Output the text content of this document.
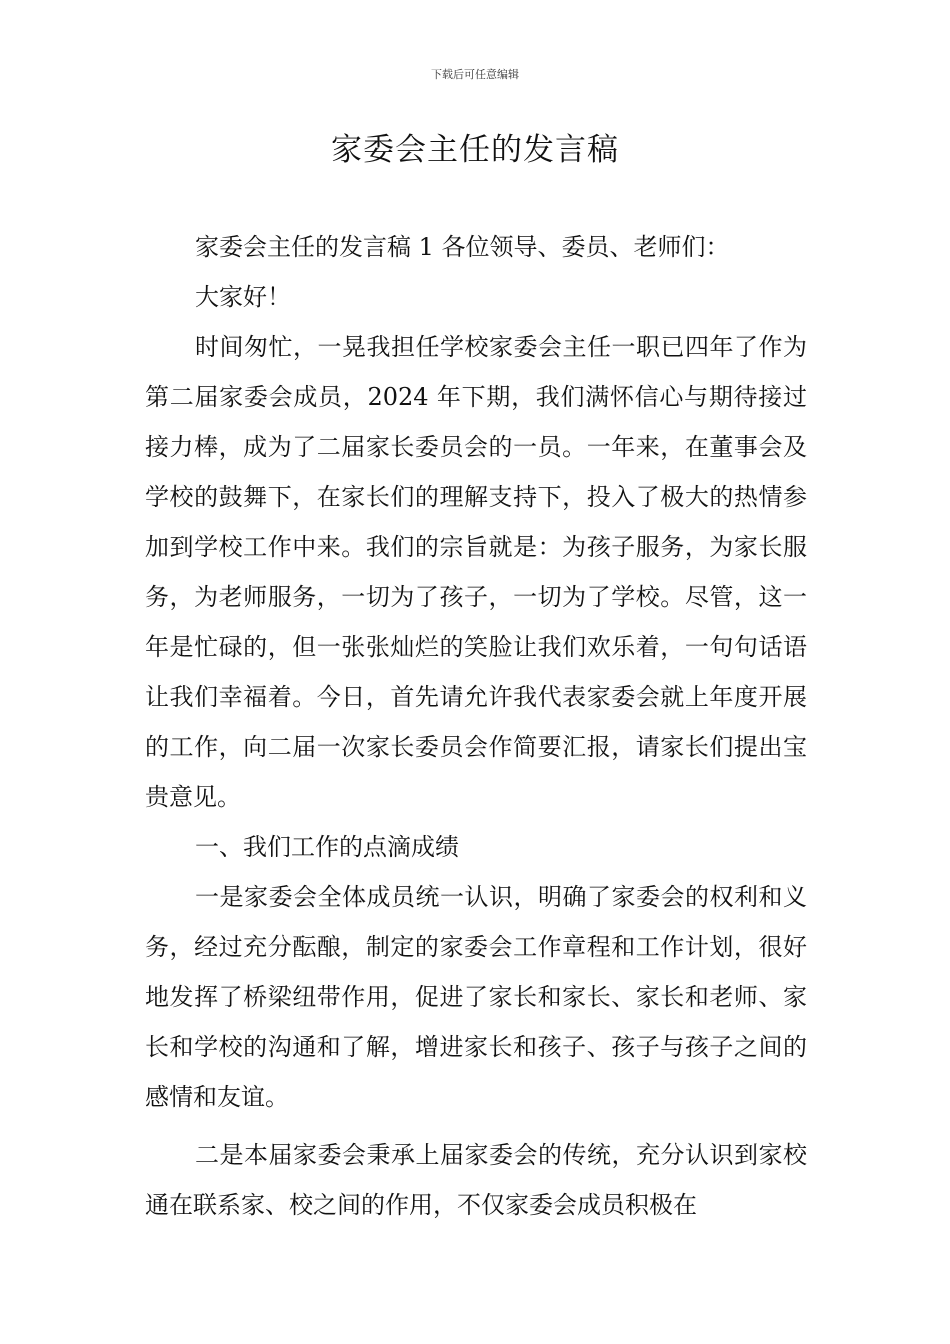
下载后可任意编辑
家委会主任的发言稿

家委会主任的发言稿 1 各位领导、委员、老师们：

大家好！

时间匆忙，一晃我担任学校家委会主任一职已四年了作为第二届家委会成员，2024 年下期，我们满怀信心与期待接过接力棒，成为了二届家长委员会的一员。一年来，在董事会及学校的鼓舞下，在家长们的理解支持下，投入了极大的热情参加到学校工作中来。我们的宗旨就是：为孩子服务，为家长服务，为老师服务，一切为了孩子，一切为了学校。尽管，这一年是忙碌的，但一张张灿烂的笑脸让我们欢乐着，一句句话语让我们幸福着。今日，首先请允许我代表家委会就上年度开展的工作，向二届一次家长委员会作简要汇报，请家长们提出宝贵意见。

一、我们工作的点滴成绩

一是家委会全体成员统一认识，明确了家委会的权利和义务，经过充分酝酿，制定的家委会工作章程和工作计划，很好地发挥了桥梁纽带作用，促进了家长和家长、家长和老师、家长和学校的沟通和了解，增进家长和孩子、孩子与孩子之间的感情和友谊。

二是本届家委会秉承上届家委会的传统，充分认识到家校通在联系家、校之间的作用，不仅家委会成员积极在
